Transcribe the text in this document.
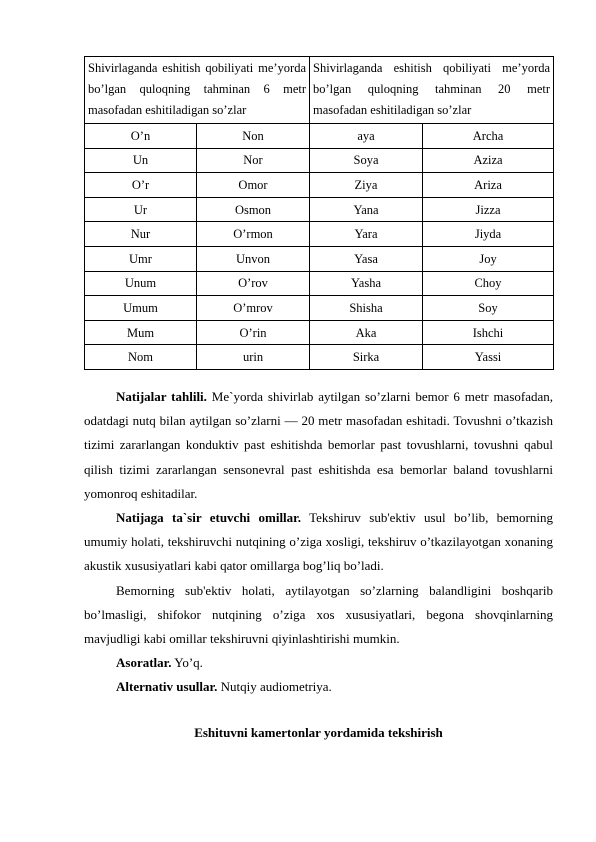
Shivirlaganda eshitish qobiliyati me’yorda bo’lgan quloqning tahminan 6 metr masofadan eshitiladigan so’zlar		Shivirlaganda eshitish qobiliyati me’yorda bo’lgan quloqning tahminan 20 metr masofadan eshitiladigan so’zlar	
O’n	Non	aya	Archa
Un	Nor	Soya	Aziza
O’r	Omor	Ziya	Ariza
Ur	Osmon	Yana	Jizza
Nur	O’rmon	Yara	Jiyda
Umr	Unvon	Yasa	Joy
Unum	O’rov	Yasha	Choy
Umum	O’mrov	Shisha	Soy
Mum	O’rin	Aka	Ishchi
Nom	urin	Sirka	Yassi

Natijalar tahlili. Me`yorda shivirlab aytilgan so’zlarni bemor 6 metr masofadan, odatdagi nutq bilan aytilgan so’zlarni — 20 metr masofadan eshitadi. Tovushni o’tkazish tizimi zararlangan konduktiv past eshitishda bemorlar past tovushlarni, tovushni qabul qilish tizimi zararlangan sensonevral past eshitishda esa bemorlar baland tovushlarni yomonroq eshitadilar.

Natijaga ta`sir etuvchi omillar. Tekshiruv sub'ektiv usul bo’lib, bemorning umumiy holati, tekshiruvchi nutqining o’ziga xosligi, tekshiruv o’tkazilayotgan xonaning akustik xususiyatlari kabi qator omillarga bog’liq bo’ladi.

Bemorning sub'ektiv holati, aytilayotgan so’zlarning balandligini boshqarib bo’lmasligi, shifokor nutqining o’ziga xos xususiyatlari, begona shovqinlarning mavjudligi kabi omillar tekshiruvni qiyinlashtirishi mumkin.

Asoratlar. Yo’q.

Alternativ usullar. Nutqiy audiometriya.

Eshituvni kamertonlar yordamida tekshirish
